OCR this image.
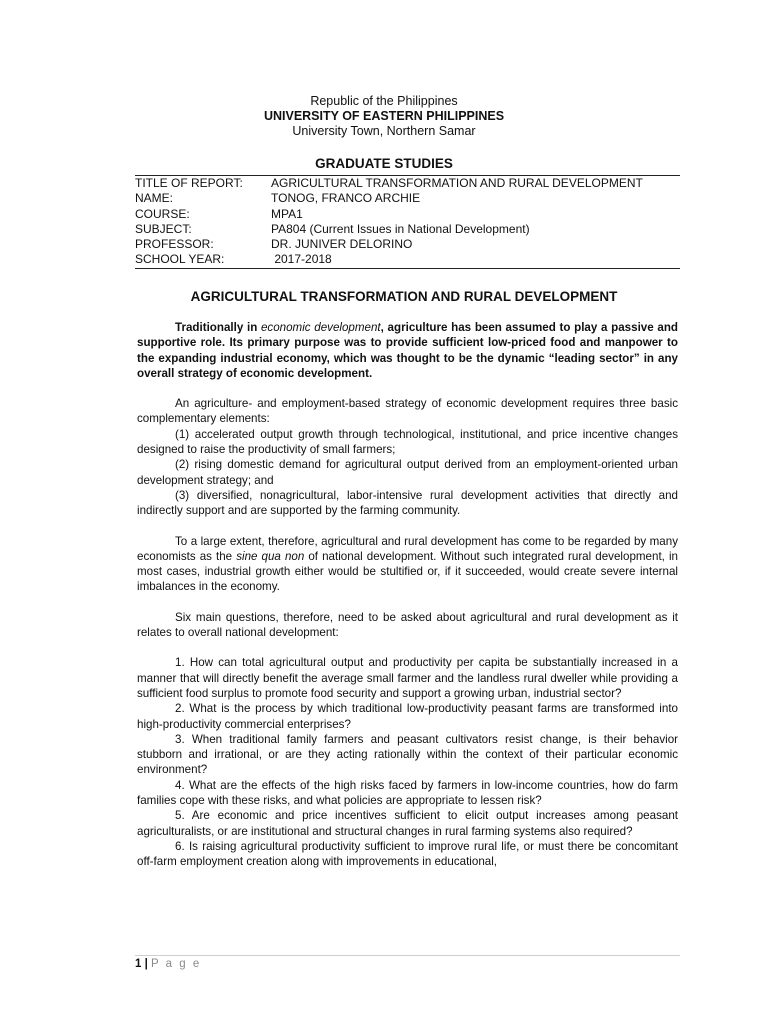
Republic of the Philippines
UNIVERSITY OF EASTERN PHILIPPINES
University Town, Northern Samar
GRADUATE STUDIES
TITLE OF REPORT:	AGRICULTURAL TRANSFORMATION AND RURAL DEVELOPMENT
NAME:	TONOG, FRANCO ARCHIE
COURSE:	MPA1
SUBJECT:	PA804 (Current Issues in National Development)
PROFESSOR:	DR. JUNIVER DELORINO
SCHOOL YEAR:	2017-2018
AGRICULTURAL TRANSFORMATION AND RURAL DEVELOPMENT

Traditionally in economic development, agriculture has been assumed to play a passive and supportive role. Its primary purpose was to provide sufficient low-priced food and manpower to the expanding industrial economy, which was thought to be the dynamic “leading sector” in any overall strategy of economic development.

An agriculture- and employment-based strategy of economic development requires three basic complementary elements:

(1) accelerated output growth through technological, institutional, and price incentive changes designed to raise the productivity of small farmers;

(2) rising domestic demand for agricultural output derived from an employment-oriented urban development strategy; and

(3) diversified, nonagricultural, labor-intensive rural development activities that directly and indirectly support and are supported by the farming community.

To a large extent, therefore, agricultural and rural development has come to be regarded by many economists as the sine qua non of national development. Without such integrated rural development, in most cases, industrial growth either would be stultified or, if it succeeded, would create severe internal imbalances in the economy.

Six main questions, therefore, need to be asked about agricultural and rural development as it relates to overall national development:

1. How can total agricultural output and productivity per capita be substantially increased in a manner that will directly benefit the average small farmer and the landless rural dweller while providing a sufficient food surplus to promote food security and support a growing urban, industrial sector?

2. What is the process by which traditional low-productivity peasant farms are transformed into high-productivity commercial enterprises?

3. When traditional family farmers and peasant cultivators resist change, is their behavior stubborn and irrational, or are they acting rationally within the context of their particular economic environment?

4. What are the effects of the high risks faced by farmers in low-income countries, how do farm families cope with these risks, and what policies are appropriate to lessen risk?

5. Are economic and price incentives sufficient to elicit output increases among peasant agriculturalists, or are institutional and structural changes in rural farming systems also required?

6. Is raising agricultural productivity sufficient to improve rural life, or must there be concomitant off-farm employment creation along with improvements in educational,

1 | P a g e
